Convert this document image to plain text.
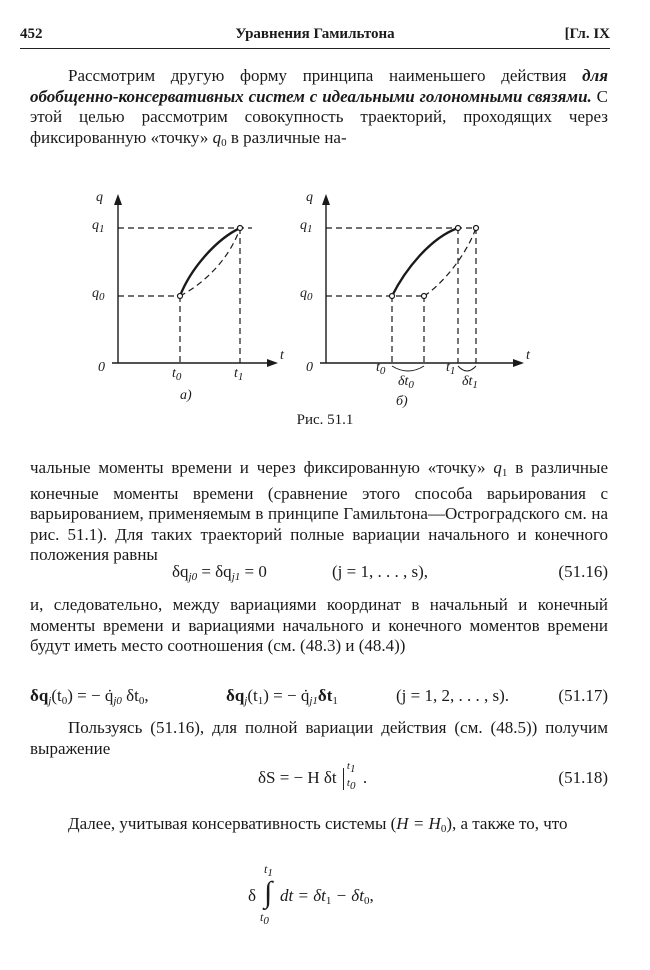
452	Уравнения Гамильтона	[Гл. IX

Рассмотрим другую форму принципа наименьшего действия для обобщенно-консервативных систем с идеальными голономными связями. С этой целью рассмотрим совокупность траекторий, проходящих через фиксированную «точку» $q_0$ в различные на-

q
t
0
$q_1$
$q_0$
$t_0$	$t_1$
а)
q
t
0
$q_1$
$q_0$
$t_0$
$\delta t_0$
$t_1$
$\delta t_1$
б)
Рис. 51.1

чальные моменты времени и через фиксированную «точку» $q_1$ в различные конечные моменты времени (сравнение этого способа варьирования с варьированием, применяемым в принципе Гамильтона—Остроградского см. на рис. 51.1). Для таких траекторий полные вариации начального и конечного положения равны

$\delta q_{j0} = \delta q_{j1} = 0$	(j = 1, . . . , s),	(51.16)

и, следовательно, между вариациями координат в начальный и конечный моменты времени и вариациями начального и конечного моментов времени будут иметь место соотношения (см. (48.3) и (48.4))

$\delta q_j(t_0)$ = − $q̇_{j0}$ $\delta t_0$,	$\delta q_j(t_1)$ = − $q̇_{j1}\delta t_1$	(j = 1, 2, . . . , s).	(51.17)

Пользуясь (51.16), для полной вариации действия (см. (48.5)) получим выражение

δS = − H δt
$t_1$
$t_0$ .	(51.18)

Далее, учитывая консервативность системы $(H = H_0)$, а также то, что

δ ∫
$t_1$
$t_0$
dt = $\delta t_1 - \delta t_0$,
